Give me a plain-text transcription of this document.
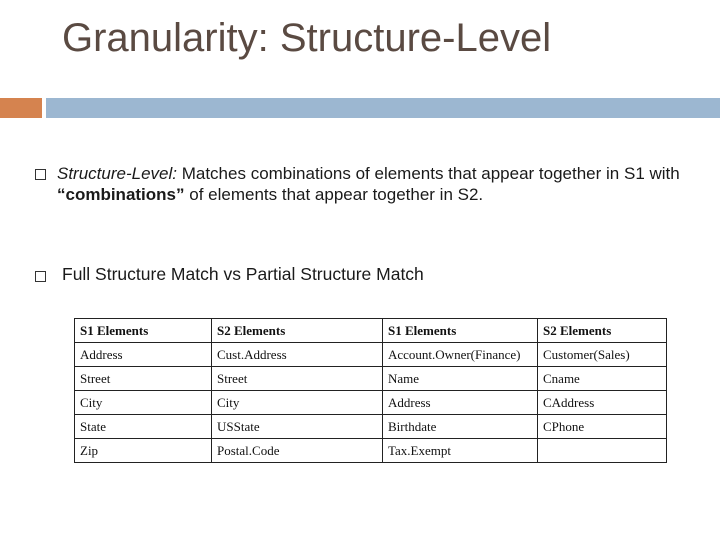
Granularity: Structure-Level
Structure-Level: Matches combinations of elements that appear together in S1 with “combinations” of elements that appear together in S2.
Full Structure Match vs Partial Structure Match
S1 Elements	S2 Elements	S1 Elements	S2 Elements
Address	Cust.Address	Account.Owner(Finance)	Customer(Sales)
Street	Street	Name	Cname
City	City	Address	CAddress
State	USState	Birthdate	CPhone
Zip	Postal.Code	Tax.Exempt	
